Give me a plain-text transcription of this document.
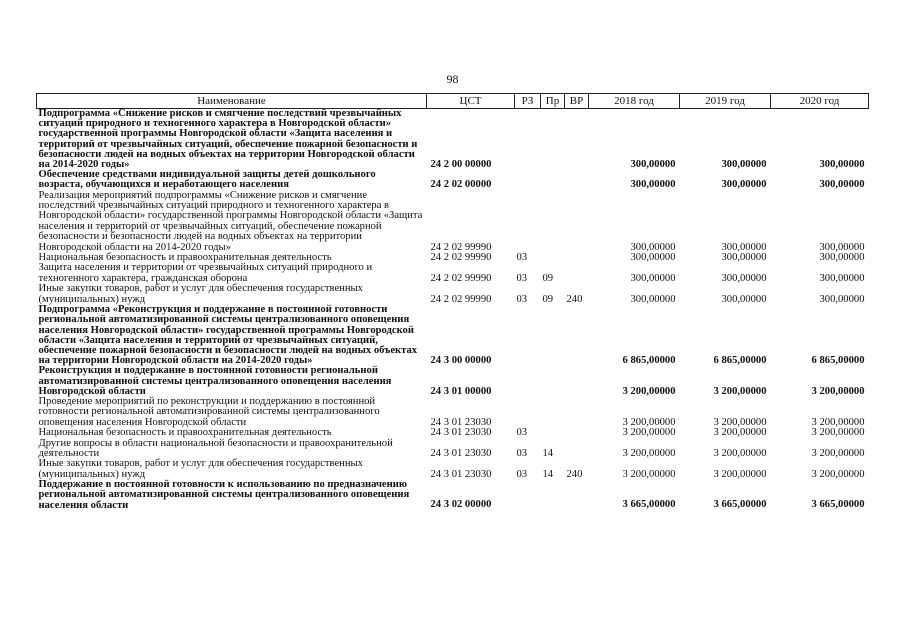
98
Наименование	ЦСТ	РЗ	Пр	ВР	2018 год	2019 год	2020 год
Подпрограмма «Снижение рисков и смягчение последствий чрезвычайных ситуаций природного и техногенного характера в Новгородской области» государственной программы Новгородской области «Защита населения и территорий от чрезвычайных ситуаций, обеспечение пожарной безопасности и безопасности людей на водных объектах на территории Новгородской области на 2014-2020 годы»	24 2 00 00000				300,00000	300,00000	300,00000
Обеспечение средствами индивидуальной защиты детей дошкольного возраста, обучающихся и неработающего населения	24 2 02 00000				300,00000	300,00000	300,00000
Реализация мероприятий подпрограммы «Снижение рисков и смягчение последствий чрезвычайных ситуаций природного и техногенного характера в Новгородской области» государственной программы Новгородской области «Защита населения и территорий от чрезвычайных ситуаций, обеспечение пожарной безопасности и безопасности людей на водных объектах на территории Новгородской области на 2014-2020 годы»	24 2 02 99990				300,00000	300,00000	300,00000
Национальная безопасность и правоохранительная деятельность	24 2 02 99990	03			300,00000	300,00000	300,00000
Защита населения и территории от чрезвычайных ситуаций природного и техногенного характера, гражданская оборона	24 2 02 99990	03	09		300,00000	300,00000	300,00000
Иные закупки товаров, работ и услуг для обеспечения государственных (муниципальных) нужд	24 2 02 99990	03	09	240	300,00000	300,00000	300,00000
Подпрограмма «Реконструкция и поддержание в постоянной готовности региональной автоматизированной системы централизованного оповещения населения Новгородской области» государственной программы Новгородской области «Защита населения и территорий от чрезвычайных ситуаций, обеспечение пожарной безопасности и безопасности людей на водных объектах на территории Новгородской области на 2014-2020 годы»	24 3 00 00000				6 865,00000	6 865,00000	6 865,00000
Реконструкция и поддержание в постоянной готовности региональной автоматизированной системы централизованного оповещения населения Новгородской области	24 3 01 00000				3 200,00000	3 200,00000	3 200,00000
Проведение мероприятий по реконструкции и поддержанию в постоянной готовности региональной автоматизированной системы централизованного оповещения населения Новгородской области	24 3 01 23030				3 200,00000	3 200,00000	3 200,00000
Национальная безопасность и правоохранительная деятельность	24 3 01 23030	03			3 200,00000	3 200,00000	3 200,00000
Другие вопросы в области национальной безопасности и правоохранительной деятельности	24 3 01 23030	03	14		3 200,00000	3 200,00000	3 200,00000
Иные закупки товаров, работ и услуг для обеспечения государственных (муниципальных) нужд	24 3 01 23030	03	14	240	3 200,00000	3 200,00000	3 200,00000
Поддержание в постоянной готовности к использованию по предназначению региональной автоматизированной системы централизованного оповещения населения области	24 3 02 00000				3 665,00000	3 665,00000	3 665,00000
